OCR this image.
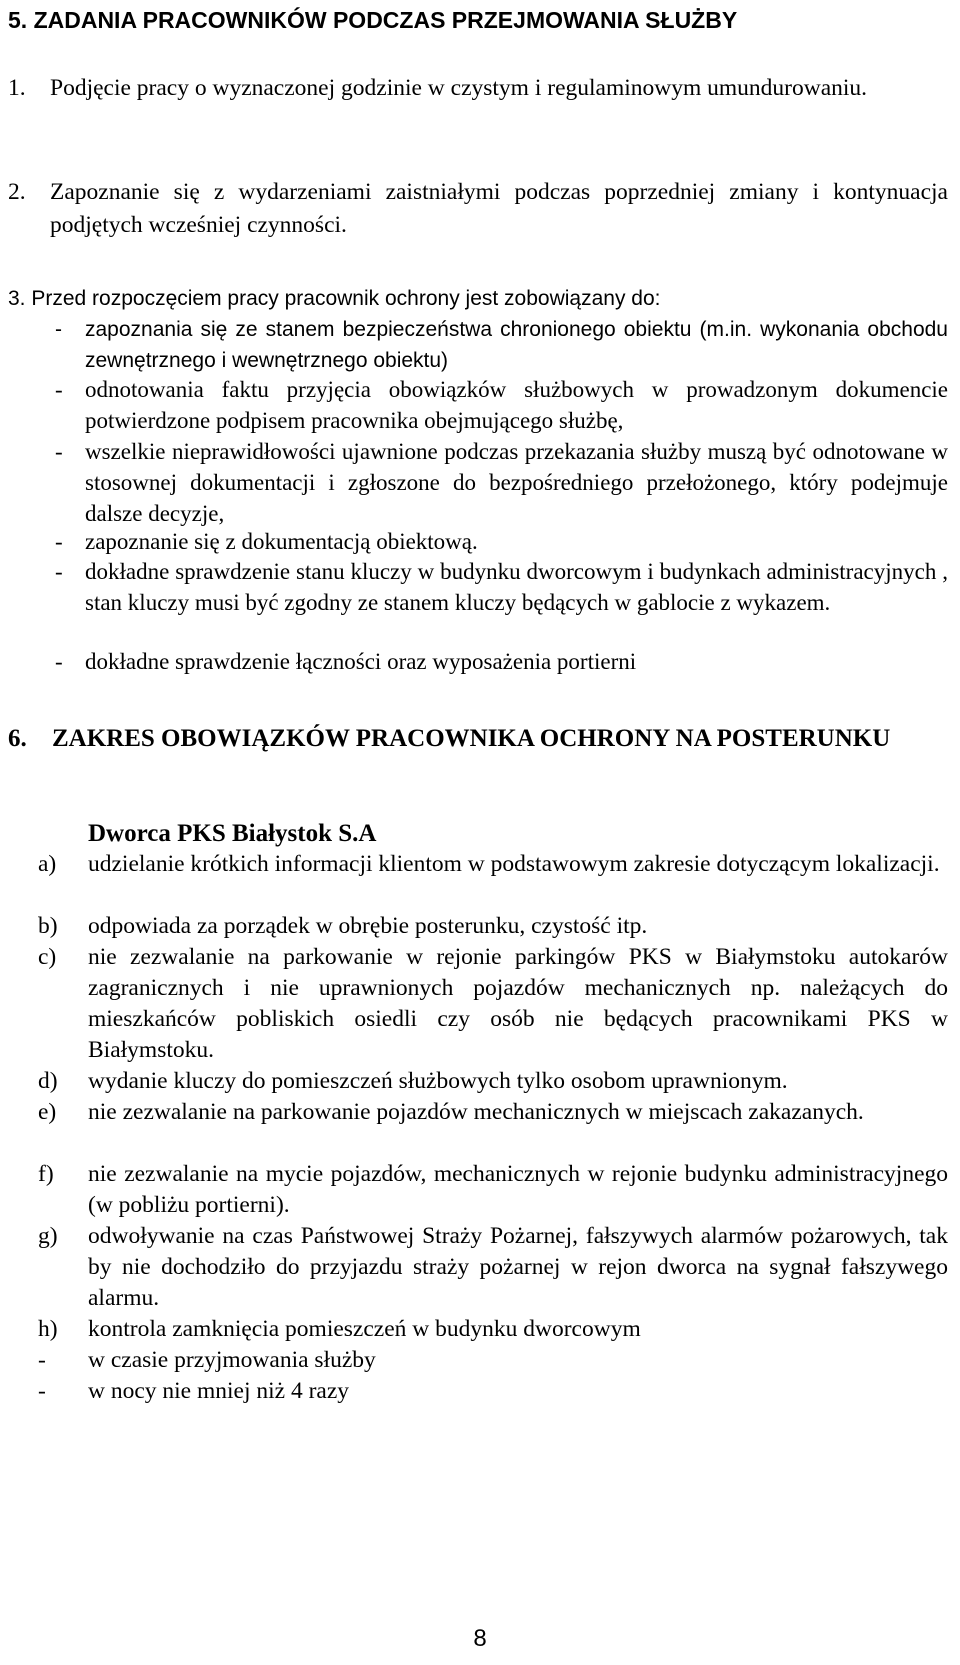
5. ZADANIA PRACOWNIKÓW PODCZAS PRZEJMOWANIA SŁUŻBY
1. Podjęcie pracy o wyznaczonej godzinie w czystym i regulaminowym umundurowaniu.
2. Zapoznanie się z wydarzeniami zaistniałymi podczas poprzedniej zmiany i kontynuacja podjętych wcześniej czynności.
3. Przed rozpoczęciem pracy pracownik ochrony jest zobowiązany do:
- zapoznania się ze stanem bezpieczeństwa chronionego obiektu (m.in. wykonania obchodu zewnętrznego i wewnętrznego obiektu)
- odnotowania faktu przyjęcia obowiązków służbowych w prowadzonym dokumencie potwierdzone podpisem pracownika obejmującego służbę,
- wszelkie nieprawidłowości ujawnione podczas przekazania służby muszą być odnotowane w stosownej dokumentacji i zgłoszone do bezpośredniego przełożonego, który podejmuje dalsze decyzje,
- zapoznanie się z dokumentacją obiektową.
- dokładne sprawdzenie stanu kluczy w budynku dworcowym i budynkach administracyjnych , stan kluczy musi być zgodny ze stanem kluczy będących w gablocie z wykazem.
- dokładne sprawdzenie łączności oraz wyposażenia portierni
6. ZAKRES OBOWIĄZKÓW PRACOWNIKA OCHRONY NA POSTERUNKU
Dworca PKS Białystok S.A
a) udzielanie krótkich informacji klientom w podstawowym zakresie dotyczącym lokalizacji.
b) odpowiada za porządek w obrębie posterunku, czystość itp.
c) nie zezwalanie na parkowanie w rejonie parkingów PKS w Białymstoku autokarów zagranicznych i nie uprawnionych pojazdów mechanicznych np. należących do mieszkańców pobliskich osiedli czy osób nie będących pracownikami PKS w Białymstoku.
d) wydanie kluczy do pomieszczeń służbowych tylko osobom uprawnionym.
e) nie zezwalanie na parkowanie pojazdów mechanicznych w miejscach zakazanych.
f) nie zezwalanie na mycie pojazdów, mechanicznych w rejonie budynku administracyjnego (w pobliżu portierni).
g) odwoływanie na czas Państwowej Straży Pożarnej, fałszywych alarmów pożarowych, tak by nie dochodziło do przyjazdu straży pożarnej w rejon dworca na sygnał fałszywego alarmu.
h) kontrola zamknięcia pomieszczeń w budynku dworcowym
- w czasie przyjmowania służby
- w nocy nie mniej niż 4 razy
8
